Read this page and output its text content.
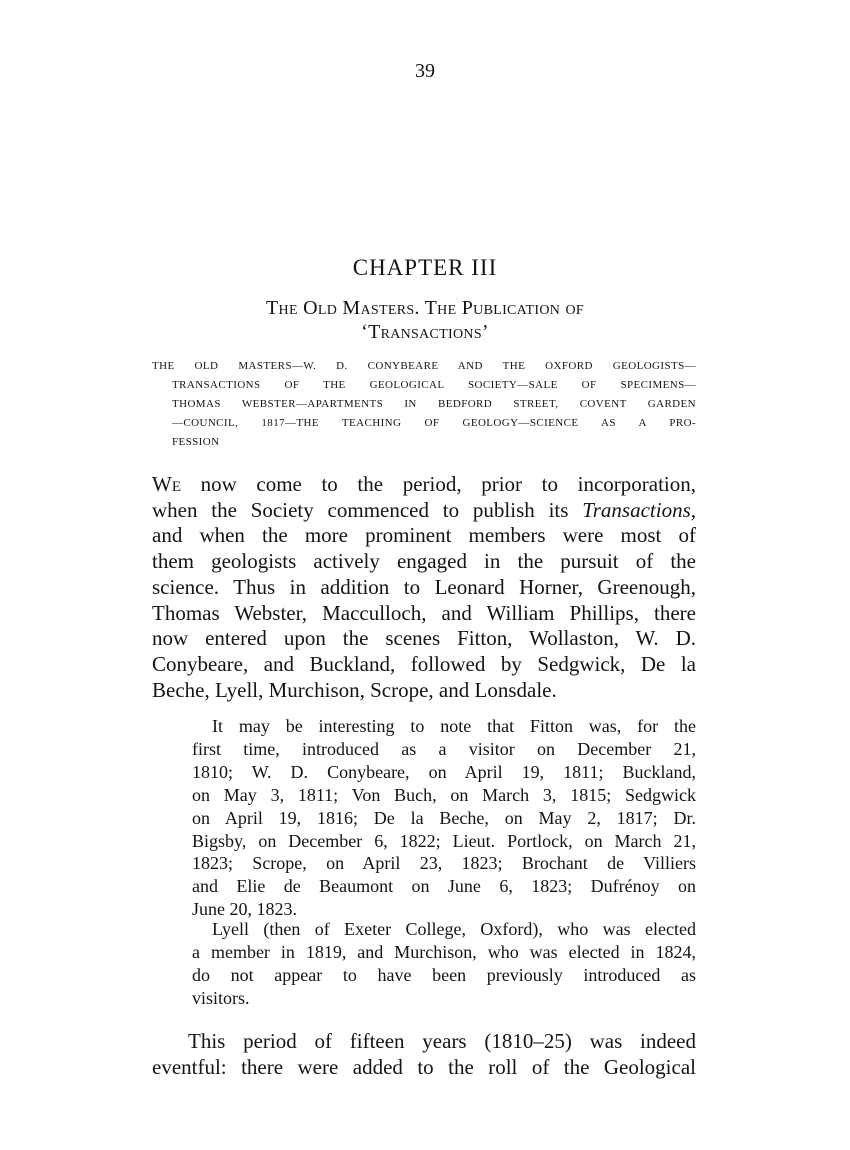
39
CHAPTER III
The Old Masters. The Publication of
‘Transactions’
THE OLD MASTERS—W. D. CONYBEARE AND THE OXFORD GEOLOGISTS—
TRANSACTIONS OF THE GEOLOGICAL SOCIETY—SALE OF SPECIMENS—
THOMAS WEBSTER—APARTMENTS IN BEDFORD STREET, COVENT GARDEN
—COUNCIL, 1817—THE TEACHING OF GEOLOGY—SCIENCE AS A PRO-
FESSION
We now come to the period, prior to incorporation,
when the Society commenced to publish its Transactions,
and when the more prominent members were most of
them geologists actively engaged in the pursuit of the
science. Thus in addition to Leonard Horner, Greenough,
Thomas Webster, Macculloch, and William Phillips, there
now entered upon the scenes Fitton, Wollaston, W. D.
Conybeare, and Buckland, followed by Sedgwick, De la
Beche, Lyell, Murchison, Scrope, and Lonsdale.
It may be interesting to note that Fitton was, for the
first time, introduced as a visitor on December 21,
1810; W. D. Conybeare, on April 19, 1811; Buckland,
on May 3, 1811; Von Buch, on March 3, 1815; Sedgwick
on April 19, 1816; De la Beche, on May 2, 1817; Dr.
Bigsby, on December 6, 1822; Lieut. Portlock, on March 21,
1823; Scrope, on April 23, 1823; Brochant de Villiers
and Elie de Beaumont on June 6, 1823; Dufrénoy on
June 20, 1823.
Lyell (then of Exeter College, Oxford), who was elected
a member in 1819, and Murchison, who was elected in 1824,
do not appear to have been previously introduced as
visitors.
This period of fifteen years (1810–25) was indeed
eventful: there were added to the roll of the Geological
